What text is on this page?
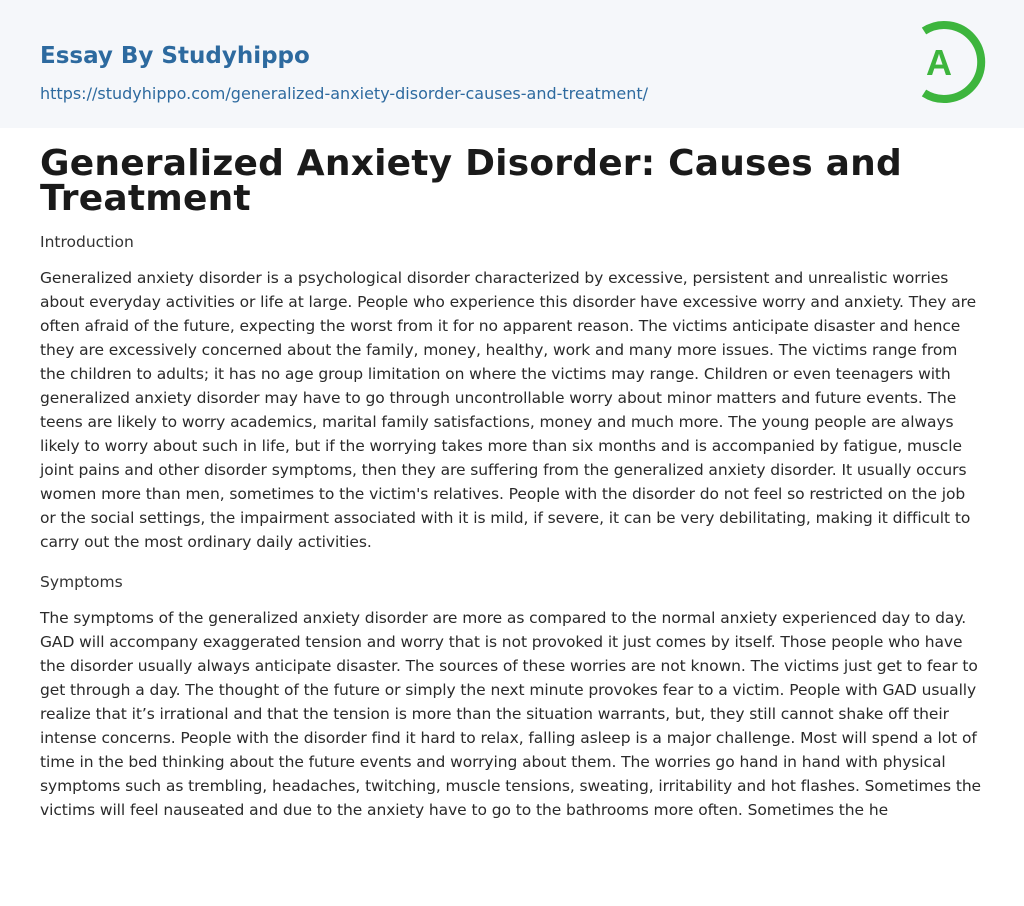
Essay By Studyhippo
https://studyhippo.com/generalized-anxiety-disorder-causes-and-treatment/
A
Generalized Anxiety Disorder: Causes and Treatment
Introduction

Generalized anxiety disorder is a psychological disorder characterized by excessive, persistent and unrealistic worries about everyday activities or life at large. People who experience this disorder have excessive worry and anxiety. They are often afraid of the future, expecting the worst from it for no apparent reason. The victims anticipate disaster and hence they are excessively concerned about the family, money, healthy, work and many more issues. The victims range from the children to adults; it has no age group limitation on where the victims may range. Children or even teenagers with generalized anxiety disorder may have to go through uncontrollable worry about minor matters and future events. The teens are likely to worry academics, marital family satisfactions, money and much more. The young people are always likely to worry about such in life, but if the worrying takes more than six months and is accompanied by fatigue, muscle joint pains and other disorder symptoms, then they are suffering from the generalized anxiety disorder. It usually occurs women more than men, sometimes to the victim's relatives. People with the disorder do not feel so restricted on the job or the social settings, the impairment associated with it is mild, if severe, it can be very debilitating, making it difficult to carry out the most ordinary daily activities.

Symptoms

The symptoms of the generalized anxiety disorder are more as compared to the normal anxiety experienced day to day. GAD will accompany exaggerated tension and worry that is not provoked it just comes by itself. Those people who have the disorder usually always anticipate disaster. The sources of these worries are not known. The victims just get to fear to get through a day. The thought of the future or simply the next minute provokes fear to a victim. People with GAD usually realize that it’s irrational and that the tension is more than the situation warrants, but, they still cannot shake off their intense concerns. People with the disorder find it hard to relax, falling asleep is a major challenge. Most will spend a lot of time in the bed thinking about the future events and worrying about them. The worries go hand in hand with physical symptoms such as trembling, headaches, twitching, muscle tensions, sweating, irritability and hot flashes. Sometimes the victims will feel nauseated and due to the anxiety have to go to the bathrooms more often. Sometimes the he
